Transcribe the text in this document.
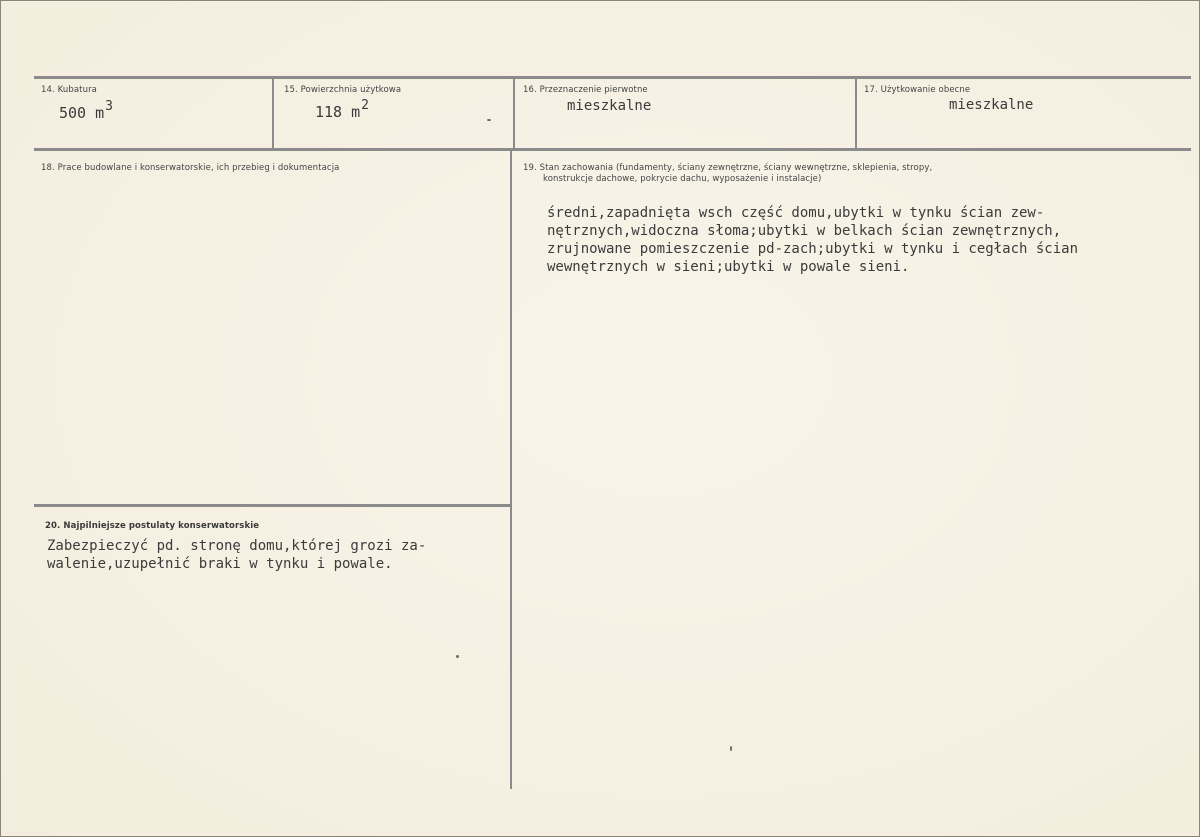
14. Kubatura
500 m3
15. Powierzchnia użytkowa
118 m2
16. Przeznaczenie pierwotne
mieszkalne
17. Użytkowanie obecne
mieszkalne
18. Prace budowlane i konserwatorskie, ich przebieg i dokumentacja	19. Stan zachowania (fundamenty, ściany zewnętrzne, ściany wewnętrzne, sklepienia, stropy,
konstrukcje dachowe, pokrycie dachu, wyposażenie i instalacje)
średni,zapadnięta wsch część domu,ubytki w tynku ścian zew-
nętrznych,widoczna słoma;ubytki w belkach ścian zewnętrznych,
zrujnowane pomieszczenie pd-zach;ubytki w tynku i cegłach ścian
wewnętrznych w sieni;ubytki w powale sieni.
20. Najpilniejsze postulaty konserwatorskie
Zabezpieczyć pd. stronę domu,której grozi za-
walenie,uzupełnić braki w tynku i powale.
